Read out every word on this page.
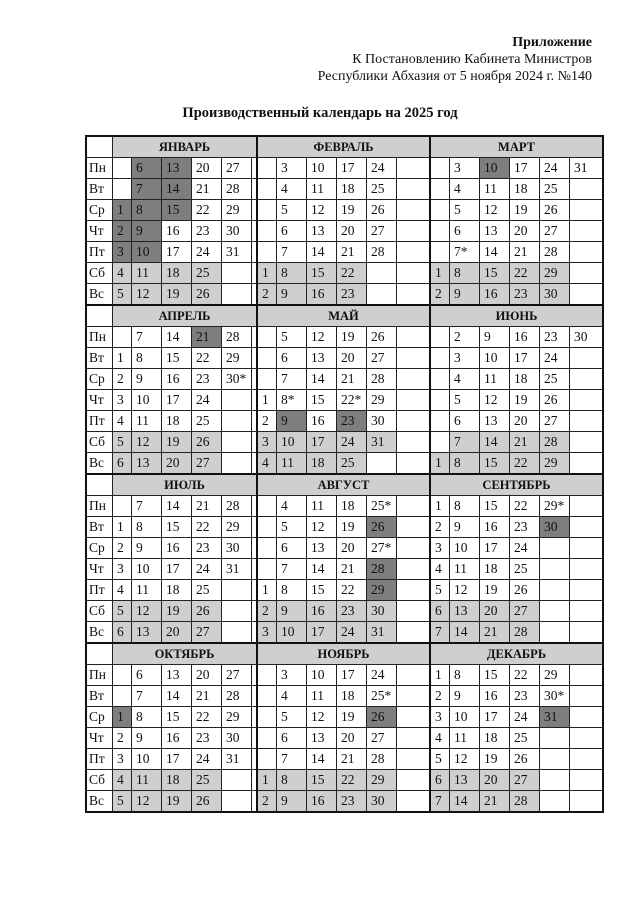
Приложение
К Постановлению Кабинета Министров
Республики Абхазия от 5 ноября 2024 г. №140
Производственный календарь на 2025 год
	ЯНВАРЬ						ФЕВРАЛЬ						МАРТ					
Пн		6	13	20	27			3	10	17	24			3	10	17	24	31
Вт		7	14	21	28			4	11	18	25			4	11	18	25	
Ср	1	8	15	22	29			5	12	19	26			5	12	19	26	
Чт	2	9	16	23	30			6	13	20	27			6	13	20	27	
Пт	3	10	17	24	31			7	14	21	28			7*	14	21	28	
Сб	4	11	18	25			1	8	15	22			1	8	15	22	29	
Вс	5	12	19	26			2	9	16	23			2	9	16	23	30	
	АПРЕЛЬ						МАЙ						ИЮНЬ					
Пн		7	14	21	28			5	12	19	26			2	9	16	23	30
Вт	1	8	15	22	29			6	13	20	27			3	10	17	24	
Ср	2	9	16	23	30*			7	14	21	28			4	11	18	25	
Чт	3	10	17	24			1	8*	15	22*	29			5	12	19	26	
Пт	4	11	18	25			2	9	16	23	30			6	13	20	27	
Сб	5	12	19	26			3	10	17	24	31			7	14	21	28	
Вс	6	13	20	27			4	11	18	25			1	8	15	22	29	
	ИЮЛЬ						АВГУСТ						СЕНТЯБРЬ					
Пн		7	14	21	28			4	11	18	25*		1	8	15	22	29*	
Вт	1	8	15	22	29			5	12	19	26		2	9	16	23	30	
Ср	2	9	16	23	30			6	13	20	27*		3	10	17	24		
Чт	3	10	17	24	31			7	14	21	28		4	11	18	25		
Пт	4	11	18	25			1	8	15	22	29		5	12	19	26		
Сб	5	12	19	26			2	9	16	23	30		6	13	20	27		
Вс	6	13	20	27			3	10	17	24	31		7	14	21	28		
	ОКТЯБРЬ						НОЯБРЬ						ДЕКАБРЬ					
Пн		6	13	20	27			3	10	17	24		1	8	15	22	29	
Вт		7	14	21	28			4	11	18	25*		2	9	16	23	30*	
Ср	1	8	15	22	29			5	12	19	26		3	10	17	24	31	
Чт	2	9	16	23	30			6	13	20	27		4	11	18	25		
Пт	3	10	17	24	31			7	14	21	28		5	12	19	26		
Сб	4	11	18	25			1	8	15	22	29		6	13	20	27		
Вс	5	12	19	26			2	9	16	23	30		7	14	21	28		
